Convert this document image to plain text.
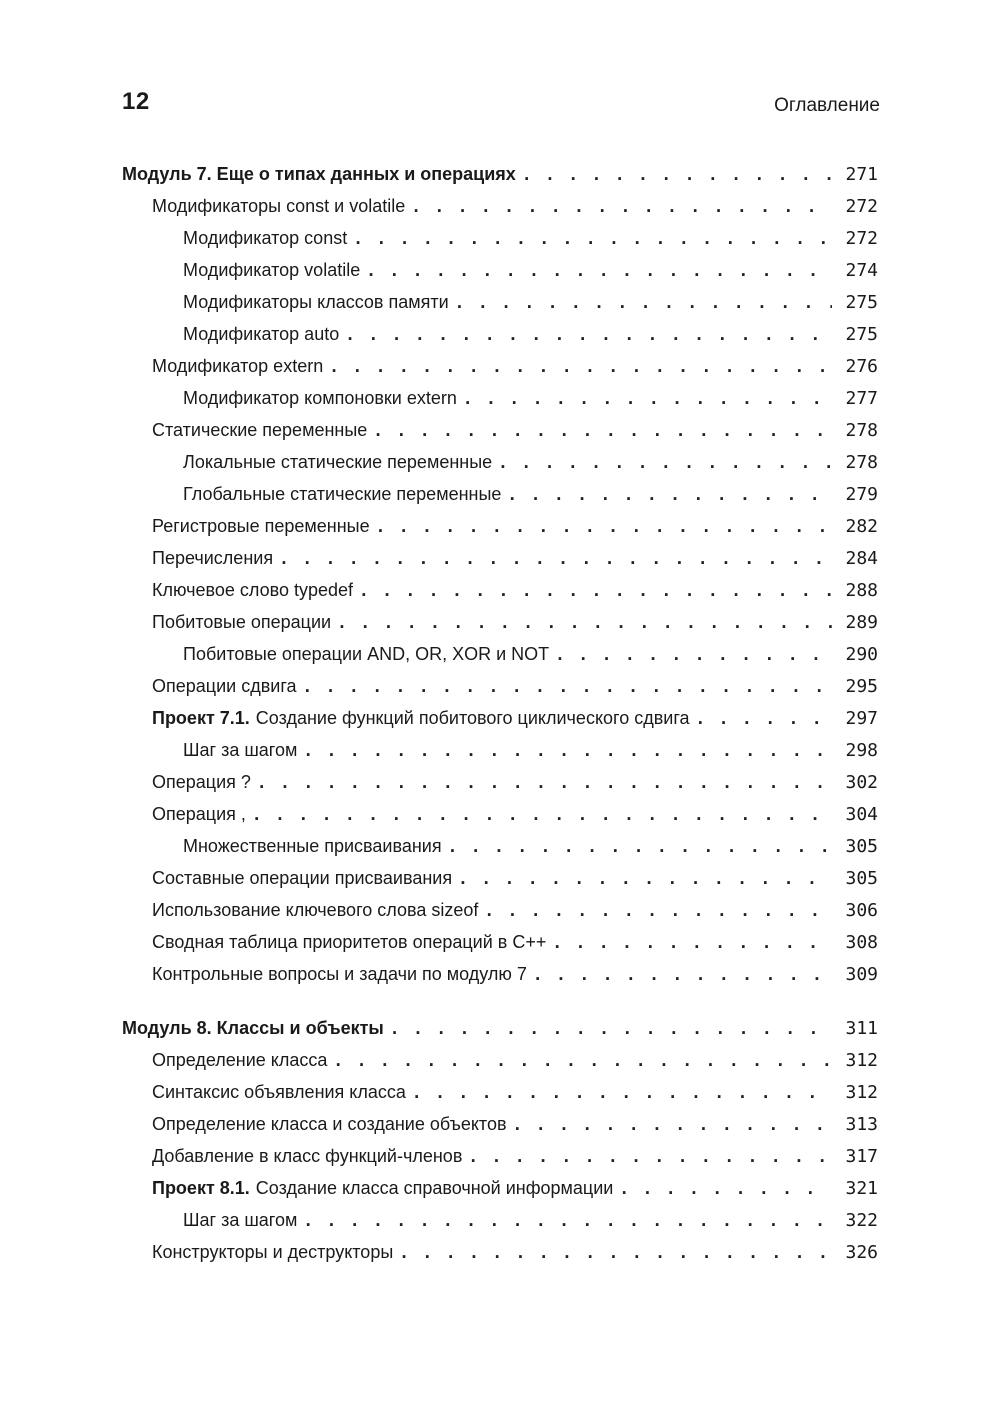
12	Оглавление
Модуль 7. Еще о типах данных и операциях . . .	271
Модификаторы const и volatile . . .	272
Модификатор const . . .	272
Модификатор volatile . . .	274
Модификаторы классов памяти . . .	275
Модификатор auto . . .	275
Модификатор extern . . .	276
Модификатор компоновки extern . . .	277
Статические переменные . . .	278
Локальные статические переменные . . .	278
Глобальные статические переменные . . .	279
Регистровые переменные . . .	282
Перечисления . . .	284
Ключевое слово typedef . . .	288
Побитовые операции . . .	289
Побитовые операции AND, OR, XOR и NOT . . .	290
Операции сдвига . . .	295
Проект 7.1. Создание функций побитового циклического сдвига . . .	297
Шаг за шагом . . .	298
Операция ? . . .	302
Операция , . . .	304
Множественные присваивания . . .	305
Составные операции присваивания . . .	305
Использование ключевого слова sizeof . . .	306
Сводная таблица приоритетов операций в C++ . . .	308
Контрольные вопросы и задачи по модулю 7 . . .	309
Модуль 8. Классы и объекты . . .	311
Определение класса . . .	312
Синтаксис объявления класса . . .	312
Определение класса и создание объектов . . .	313
Добавление в класс функций-членов . . .	317
Проект 8.1. Создание класса справочной информации . . .	321
Шаг за шагом . . .	322
Конструкторы и деструкторы . . .	326
